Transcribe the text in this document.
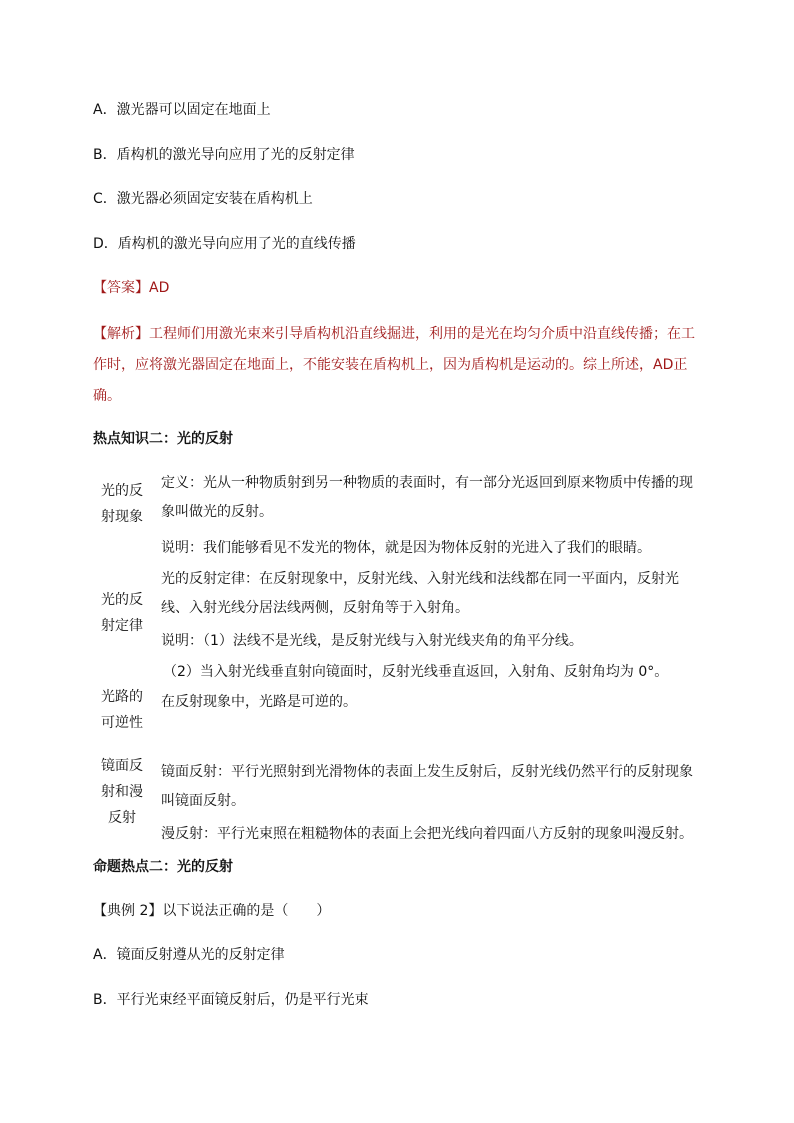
A．激光器可以固定在地面上
B．盾构机的激光导向应用了光的反射定律
C．激光器必须固定安装在盾构机上
D．盾构机的激光导向应用了光的直线传播
【答案】AD
【解析】工程师们用激光束来引导盾构机沿直线掘进，利用的是光在均匀介质中沿直线传播；在工作时，应将激光器固定在地面上，不能安装在盾构机上，因为盾构机是运动的。综上所述，AD正确。
热点知识二：光的反射
光的反
射现象
定义：光从一种物质射到另一种物质的表面时，有一部分光返回到原来物质中传播的现象叫做光的反射。
说明：我们能够看见不发光的物体，就是因为物体反射的光进入了我们的眼睛。
光的反
射定律
光的反射定律：在反射现象中，反射光线、入射光线和法线都在同一平面内，反射光线、入射光线分居法线两侧，反射角等于入射角。
说明：（1）法线不是光线，是反射光线与入射光线夹角的角平分线。
（2）当入射光线垂直射向镜面时，反射光线垂直返回，入射角、反射角均为 0°。
光路的
可逆性
在反射现象中，光路是可逆的。
镜面反
射和漫
反射
镜面反射：平行光照射到光滑物体的表面上发生反射后，反射光线仍然平行的反射现象叫镜面反射。
漫反射：平行光束照在粗糙物体的表面上会把光线向着四面八方反射的现象叫漫反射。
命题热点二：光的反射
【典例 2】以下说法正确的是（　　）
A．镜面反射遵从光的反射定律
B．平行光束经平面镜反射后，仍是平行光束
